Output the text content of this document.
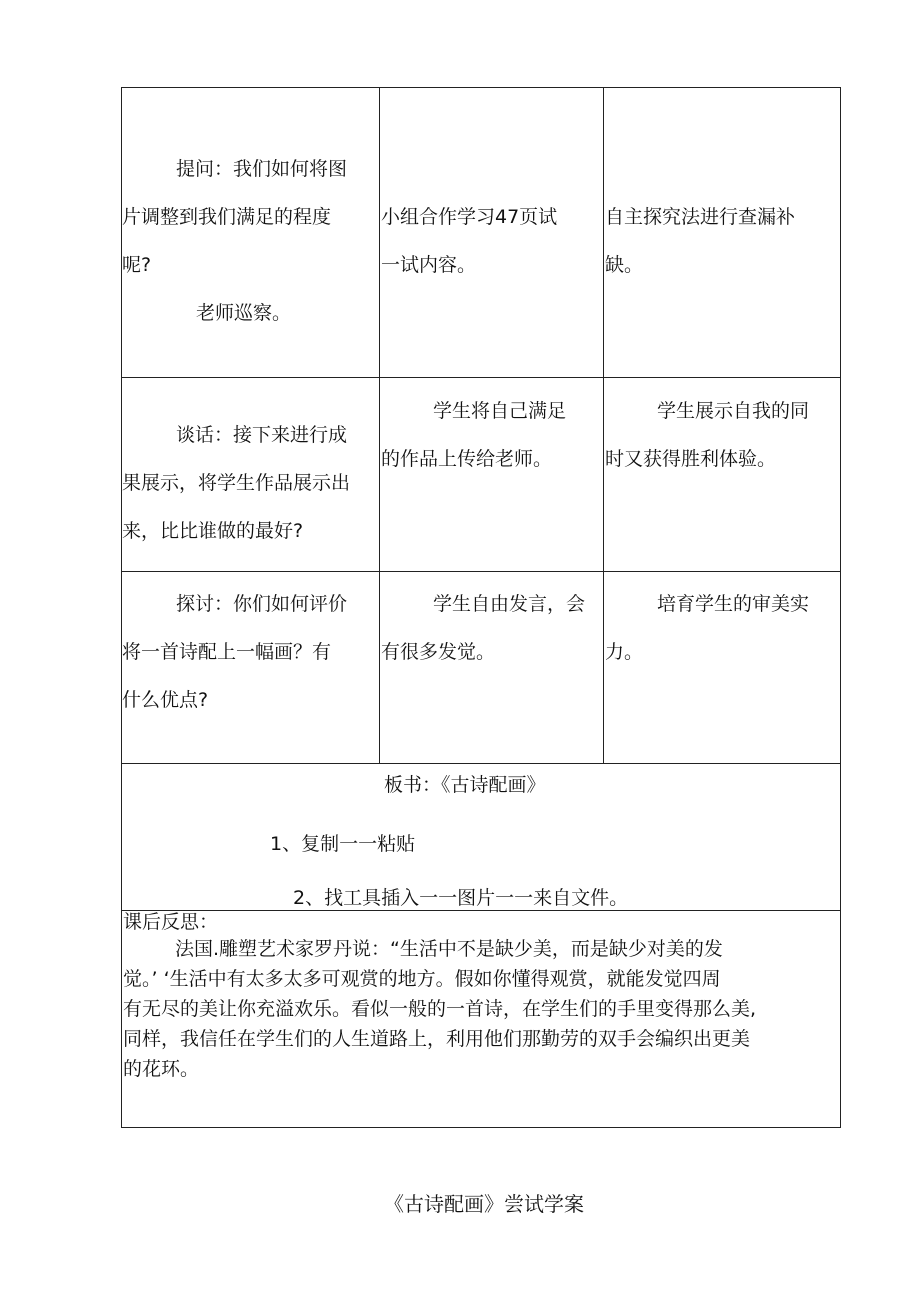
提问：我们如何将图
片调整到我们满足的程度
呢?
老师巡察。
小组合作学习47页试
一试内容。
自主探究法进行查漏补
缺。
谈话：接下来进行成
果展示，将学生作品展示出
来，比比谁做的最好?
学生将自己满足
的作品上传给老师。
学生展示自我的同
时又获得胜利体验。
探讨：你们如何评价
将一首诗配上一幅画？有
什么优点?
学生自由发言，会
有很多发觉。
培育学生的审美实
力。
板书：《古诗配画》
1、复制一一粘贴
2、找工具插入一一图片一一来自文件。
课后反思：
法国.雕塑艺术家罗丹说：“生活中不是缺少美，而是缺少对美的发
觉。’ ‘生活中有太多太多可观赏的地方。假如你懂得观赏，就能发觉四周
有无尽的美让你充溢欢乐。看似一般的一首诗，在学生们的手里变得那么美,
同样，我信任在学生们的人生道路上，利用他们那勤劳的双手会编织出更美
的花环。
《古诗配画》尝试学案
